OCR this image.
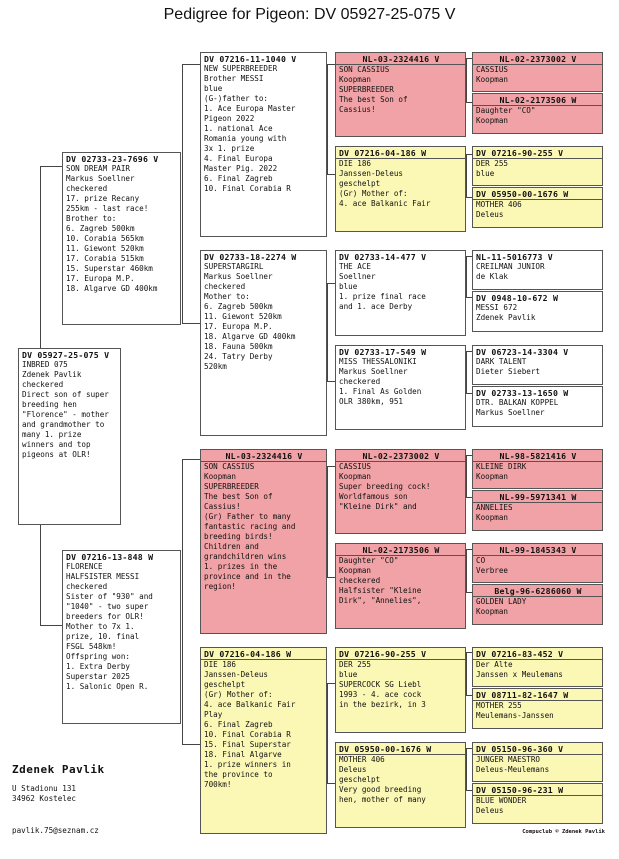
Pedigree for Pigeon: DV 05927-25-075 V
DV 05927-25-075 V
INBRED 075
Zdenek Pavlik
checkered
Direct son of super
breeding hen
"Florence" - mother
and grandmother to
many 1. prize
winners and top
pigeons at OLR!
DV 02733-23-7696 V
SON DREAM PAIR
Markus Soellner
checkered
17. prize Recany
255km - last race!
Brother to:
6. Zagreb 500km
10. Corabia 565km
11. Giewont 520km
17. Corabia 515km
15. Superstar 460km
17. Europa M.P.
18. Algarve GD 400km
DV 07216-13-848 W
FLORENCE
HALFSISTER MESSI
checkered
Sister of "930" and
"1040" - two super
breeders for OLR!
Mother to 7x 1.
prize, 10. final
FSGL 548km!
Offspring won:
1. Extra Derby
Superstar 2025
1. Salonic Open R.
DV 07216-11-1040 V
NEW SUPERBREEDER
Brother MESSI
blue
(G-)father to:
1. Ace Europa Master
Pigeon 2022
1. national Ace
Romania young with
3x 1. prize
4. Final Europa
Master Pig. 2022
6. Final Zagreb
10. Final Corabia R
DV 02733-18-2274 W
SUPERSTARGIRL
Markus Soellner
checkered
Mother to:
6. Zagreb 500km
11. Giewont 520km
17. Europa M.P.
18. Algarve GD 400km
18. Fauna 500km
24. Tatry Derby
520km
NL-03-2324416 V
SON CASSIUS
Koopman
SUPERBREEDER
The best Son of
Cassius!
(Gr) Father to many
fantastic racing and
breeding birds!
Children and
grandchildren wins
1. prizes in the
province and in the
region!
DV 07216-04-186 W
DIE 186
Janssen-Deleus
geschelpt
(Gr) Mother of:
4. ace Balkanic Fair
Play
6. Final Zagreb
10. Final Corabia R
15. Final Superstar
18. Final Algarve
1. prize winners in
the province to
700km!
NL-03-2324416 V
SON CASSIUS
Koopman
SUPERBREEDER
The best Son of
Cassius!
DV 07216-04-186 W
DIE 186
Janssen-Deleus
geschelpt
(Gr) Mother of:
4. ace Balkanic Fair
DV 02733-14-477 V
THE ACE
Soellner
blue
1. prize final race
and 1. ace Derby
DV 02733-17-549 W
MISS THESSALONIKI
Markus Soellner
checkered
1. Final As Golden
OLR 380km, 951
NL-02-2373002 V
CASSIUS
Koopman
Super breeding cock!
Worldfamous son
"Kleine Dirk" and
NL-02-2173506 W
Daughter "CO"
Koopman
checkered
Halfsister "Kleine
Dirk", "Annelies",
DV 07216-90-255 V
DER 255
blue
SUPERCOCK SG Liebl
1993 - 4. ace cock
in the bezirk, in 3
DV 05950-00-1676 W
MOTHER 406
Deleus
geschelpt
Very good breeding
hen, mother of many
NL-02-2373002 V
CASSIUS
Koopman
NL-02-2173506 W
Daughter "CO"
Koopman
DV 07216-90-255 V
DER 255
blue
DV 05950-00-1676 W
MOTHER 406
Deleus
NL-11-5016773 V
CREILMAN JUNIOR
de Klak
DV 0948-10-672 W
MESSI 672
Zdenek Pavlik
DV 06723-14-3304 V
DARK TALENT
Dieter Siebert
DV 02733-13-1650 W
DTR. BALKAN KOPPEL
Markus Soellner
NL-98-5821416 V
KLEINE DIRK
Koopman
NL-99-5971341 W
ANNELIES
Koopman
NL-99-1845343 V
CO
Verbree
Belg-96-6286060 W
GOLDEN LADY
Koopman
DV 07216-83-452 V
Der Alte
Janssen x Meulemans
DV 08711-82-1647 W
MOTHER 255
Meulemans-Janssen
DV 05150-96-360 V
JUNGER MAESTRO
Deleus-Meulemans
DV 05150-96-231 W
BLUE WONDER
Deleus
Zdenek Pavlik
U Stadionu 131
34962 Kostelec
pavlik.75@seznam.cz	Compuclub © Zdenek Pavlik
